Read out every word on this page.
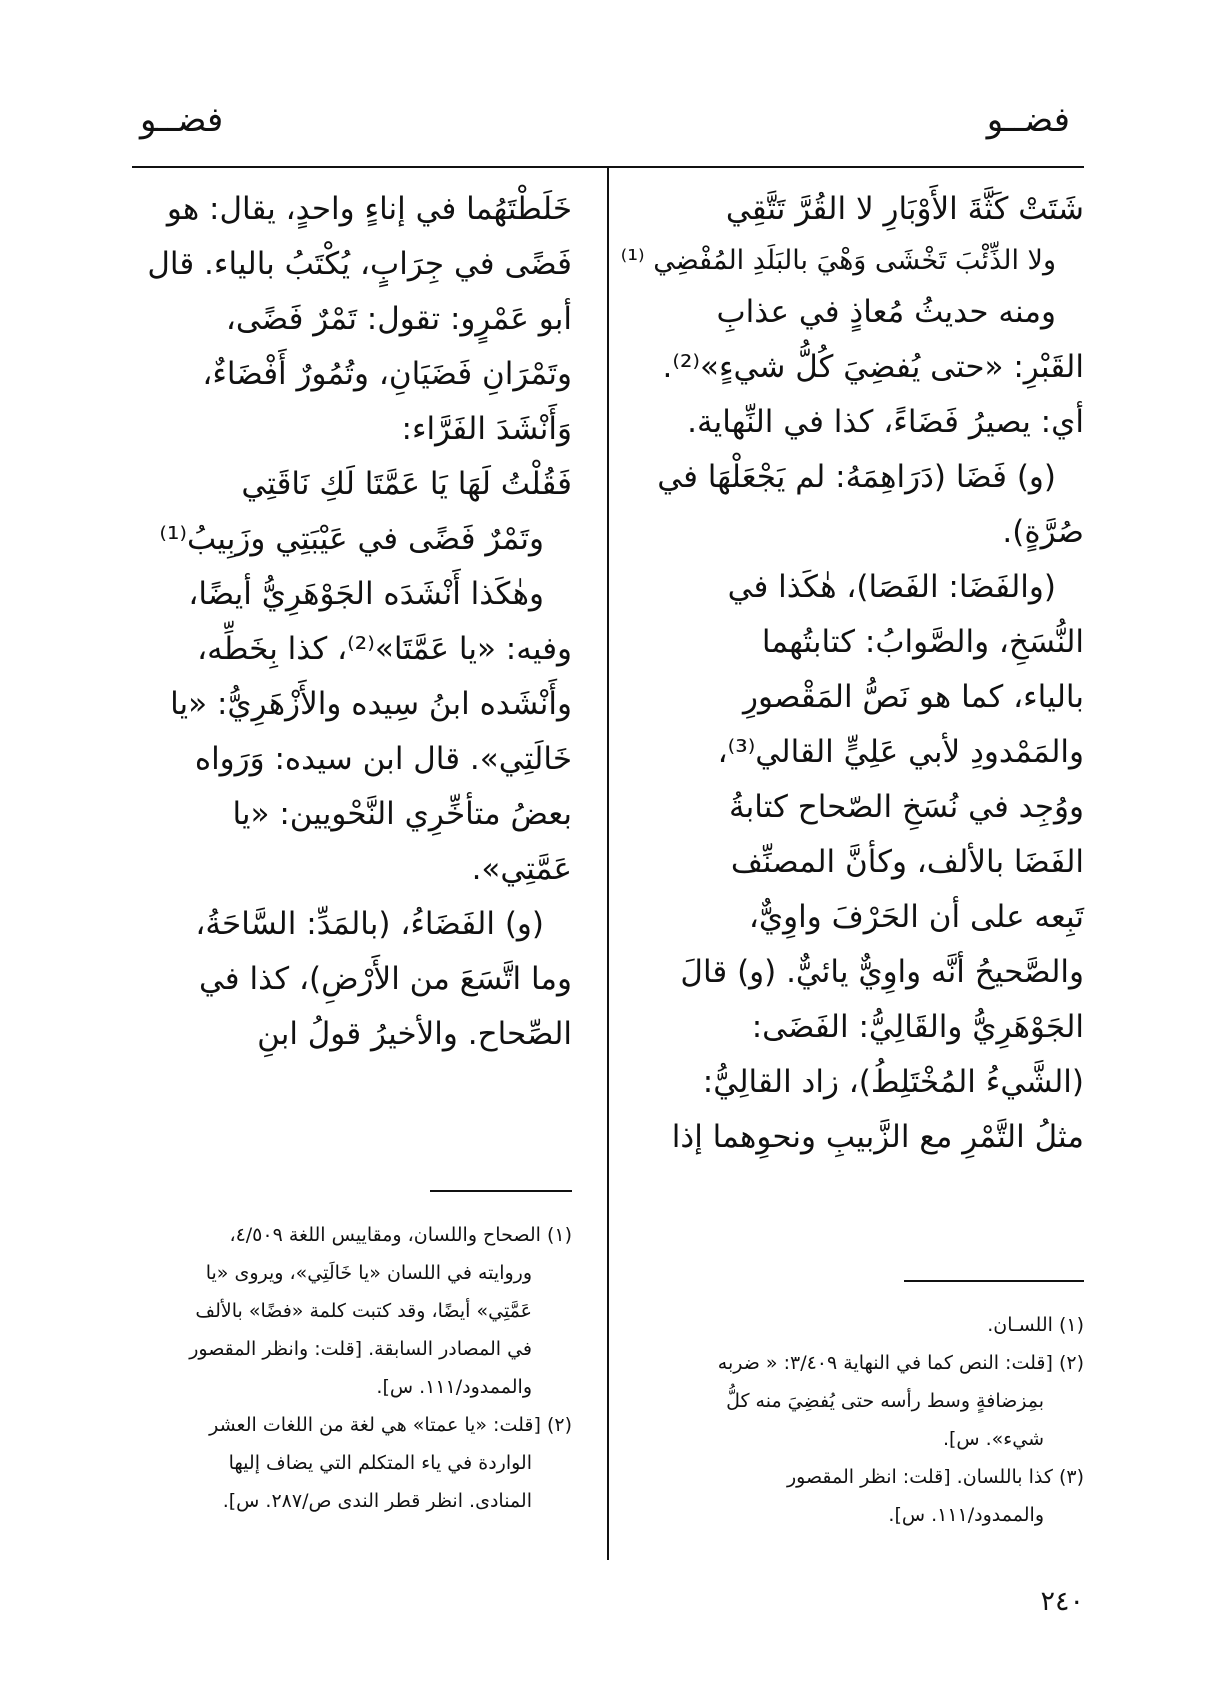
فضــو
فضــو
شَتَتْ كَثَّةَ الأَوْبَارِ لا القُرَّ تَتَّقِي
ولا الذِّئْبَ تَخْشَى وَهْيَ بالبَلَدِ المُفْضِي ⁽¹⁾
ومنه حديثُ مُعاذٍ في عذابِ
القَبْرِ: «حتى يُفضِيَ كُلُّ شيءٍ»⁽²⁾.
أي: يصيرُ فَضَاءً، كذا في النِّهاية.
(و) فَضَا (دَرَاهِمَهُ: لم يَجْعَلْهَا في
صُرَّةٍ).
(والفَضَا: الفَصَا)، هٰكَذا في
النُّسَخِ، والصَّوابُ: كتابتُهما
بالياء، كما هو نَصُّ المَقْصورِ
والمَمْدودِ لأبي عَلِيٍّ القالي⁽³⁾،
ووُجِد في نُسَخِ الصّحاح كتابةُ
الفَضَا بالألف، وكأنَّ المصنِّف
تَبِعه على أن الحَرْفَ واوِيٌّ،
والصَّحيحُ أنَّه واوِيٌّ يائيٌّ. (و) قالَ
الجَوْهَرِيُّ والقَالِيُّ: الفَضَى:
(الشَّيءُ المُخْتَلِطُ)، زاد القالِيُّ:
مثلُ التَّمْرِ مع الزَّبيبِ ونحوِهما إذا
خَلَطْتَهُما في إناءٍ واحدٍ، يقال: هو
فَضًى في جِرَابٍ، يُكْتَبُ بالياء. قال
أبو عَمْرٍو: تقول: تَمْرٌ فَضًى،
وتَمْرَانِ فَضَيَانِ، وتُمُورٌ أَفْضَاءٌ،
وَأَنْشَدَ الفَرَّاء:
فَقُلْتُ لَهَا يَا عَمَّتَا لَكِ نَاقَتِي
وتَمْرٌ فَضًى في عَيْبَتِي وزَبِيبُ⁽¹⁾
وهٰكَذا أَنْشَدَه الجَوْهَرِيُّ أيضًا،
وفيه: «يا عَمَّتَا»⁽²⁾، كذا بِخَطِّه،
وأَنْشَده ابنُ سِيده والأَزْهَرِيُّ: «يا
خَالَتِي». قال ابن سيده: وَرَواه
بعضُ متأخِّرِي النَّحْويين: «يا
عَمَّتِي».
(و) الفَضَاءُ، (بالمَدِّ: السَّاحَةُ،
وما اتَّسَعَ من الأَرْضِ)، كذا في
الصِّحاح. والأخيرُ قولُ ابنِ
(١) اللسـان.
(٢) [قلت: النص كما في النهاية ٣/٤٠٩: « ضربه
بمِزضافةٍ وسط رأسه حتى يُفضِيَ منه كلُّ
شيء». س].
(٣) كذا باللسان. [قلت: انظر المقصور
والممدود/١١١. س].
(١) الصحاح واللسان، ومقاييس اللغة ٤/٥٠٩،
وروايته في اللسان «يا خَالَتِي»، ويروى «يا
عَمَّتِي» أيضًا، وقد كتبت كلمة «فضًا» بالألف
في المصادر السابقة. [قلت: وانظر المقصور
والممدود/١١١. س].
(٢) [قلت: «يا عمتا» هي لغة من اللغات العشر
الواردة في ياء المتكلم التي يضاف إليها
المنادى. انظر قطر الندى ص/٢٨٧. س].
٢٤٠
